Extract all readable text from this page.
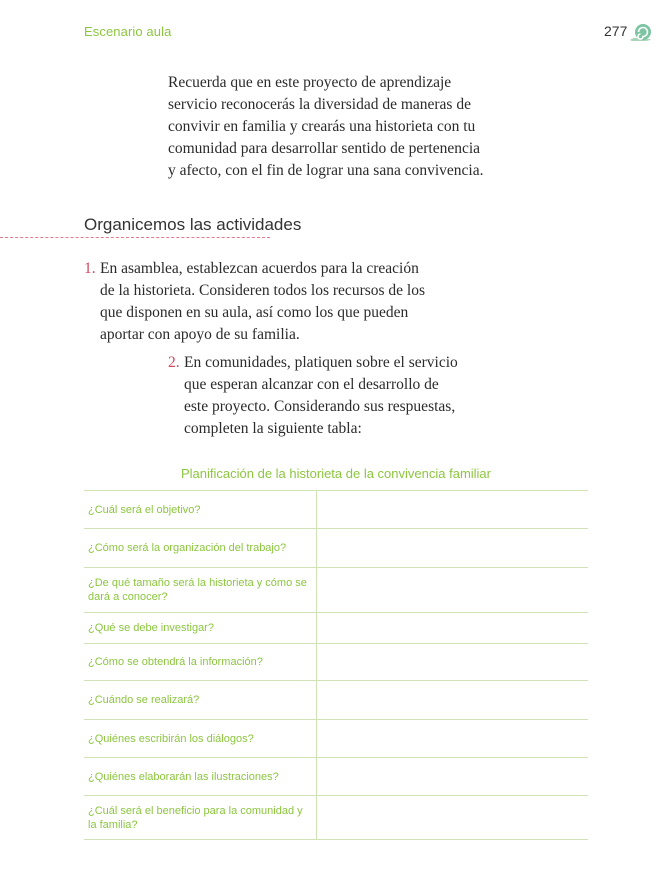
Escenario aula	277
Recuerda que en este proyecto de aprendizaje servicio reconocerás la diversidad de maneras de convivir en familia y crearás una historieta con tu comunidad para desarrollar sentido de pertenencia y afecto, con el fin de lograr una sana convivencia.
Organicemos las actividades
1. En asamblea, establezcan acuerdos para la creación de la historieta. Consideren todos los recursos de los que disponen en su aula, así como los que pueden aportar con apoyo de su familia.
2. En comunidades, platiquen sobre el servicio que esperan alcanzar con el desarrollo de este proyecto. Considerando sus respuestas, completen la siguiente tabla:
Planificación de la historieta de la convivencia familiar
¿Cuál será el objetivo?	
¿Cómo será la organización del trabajo?	
¿De qué tamaño será la historieta y cómo se dará a conocer?	
¿Qué se debe investigar?	
¿Cómo se obtendrá la información?	
¿Cuándo se realizará?	
¿Quiénes escribirán los diálogos?	
¿Quiénes elaborarán las ilustraciones?	
¿Cuál será el beneficio para la comunidad y la familia?	
